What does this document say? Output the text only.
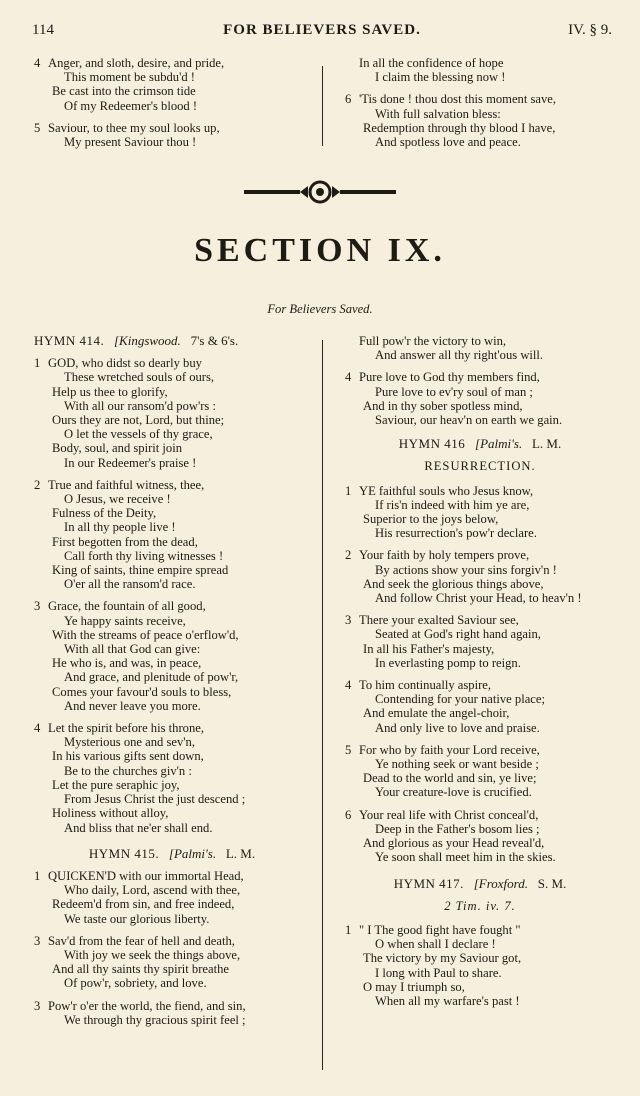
114	FOR BELIEVERS SAVED.	IV. § 9.
4 Anger, and sloth, desire, and pride,
This moment be subdu'd !
Be cast into the crimson tide
Of my Redeemer's blood !
5 Saviour, to thee my soul looks up,
My present Saviour thou !
In all the confidence of hope
I claim the blessing now !
6 'Tis done ! thou dost this moment save,
With full salvation bless:
Redemption through thy blood I have,
And spotless love and peace.
SECTION IX.
For Believers Saved.
HYMN 414. [Kingswood. 7's & 6's.
1 GOD, who didst so dearly buy
These wretched souls of ours,
Help us thee to glorify,
With all our ransom'd pow'rs :
Ours they are not, Lord, but thine;
O let the vessels of thy grace,
Body, soul, and spirit join
In our Redeemer's praise !
2 True and faithful witness, thee,
O Jesus, we receive !
Fulness of the Deity,
In all thy people live !
First begotten from the dead,
Call forth thy living witnesses !
King of saints, thine empire spread
O'er all the ransom'd race.
3 Grace, the fountain of all good,
Ye happy saints receive,
With the streams of peace o'erflow'd,
With all that God can give:
He who is, and was, in peace,
And grace, and plenitude of pow'r,
Comes your favour'd souls to bless,
And never leave you more.
4 Let the spirit before his throne,
Mysterious one and sev'n,
In his various gifts sent down,
Be to the churches giv'n :
Let the pure seraphic joy,
From Jesus Christ the just descend ;
Holiness without alloy,
And bliss that ne'er shall end.
HYMN 415. [Palmi's. L. M.
1 QUICKEN'D with our immortal Head,
Who daily, Lord, ascend with thee,
Redeem'd from sin, and free indeed,
We taste our glorious liberty.
3 Sav'd from the fear of hell and death,
With joy we seek the things above,
And all thy saints thy spirit breathe
Of pow'r, sobriety, and love.
3 Pow'r o'er the world, the fiend, and sin,
We through thy gracious spirit feel ;
Full pow'r the victory to win,
And answer all thy right'ous will.
4 Pure love to God thy members find,
Pure love to ev'ry soul of man ;
And in thy sober spotless mind,
Saviour, our heav'n on earth we gain.
HYMN 416 [Palmi's. L. M.
RESURRECTION.
1 YE faithful souls who Jesus know,
If ris'n indeed with him ye are,
Superior to the joys below,
His resurrection's pow'r declare.
2 Your faith by holy tempers prove,
By actions show your sins forgiv'n !
And seek the glorious things above,
And follow Christ your Head, to heav'n !
3 There your exalted Saviour see,
Seated at God's right hand again,
In all his Father's majesty,
In everlasting pomp to reign.
4 To him continually aspire,
Contending for your native place;
And emulate the angel-choir,
And only live to love and praise.
5 For who by faith your Lord receive,
Ye nothing seek or want beside ;
Dead to the world and sin, ye live;
Your creature-love is crucified.
6 Your real life with Christ conceal'd,
Deep in the Father's bosom lies ;
And glorious as your Head reveal'd,
Ye soon shall meet him in the skies.
HYMN 417. [Froxford. S. M.
2 Tim. iv. 7.
1 " I The good fight have fought "
O when shall I declare !
The victory by my Saviour got,
I long with Paul to share.
O may I triumph so,
When all my warfare's past !
